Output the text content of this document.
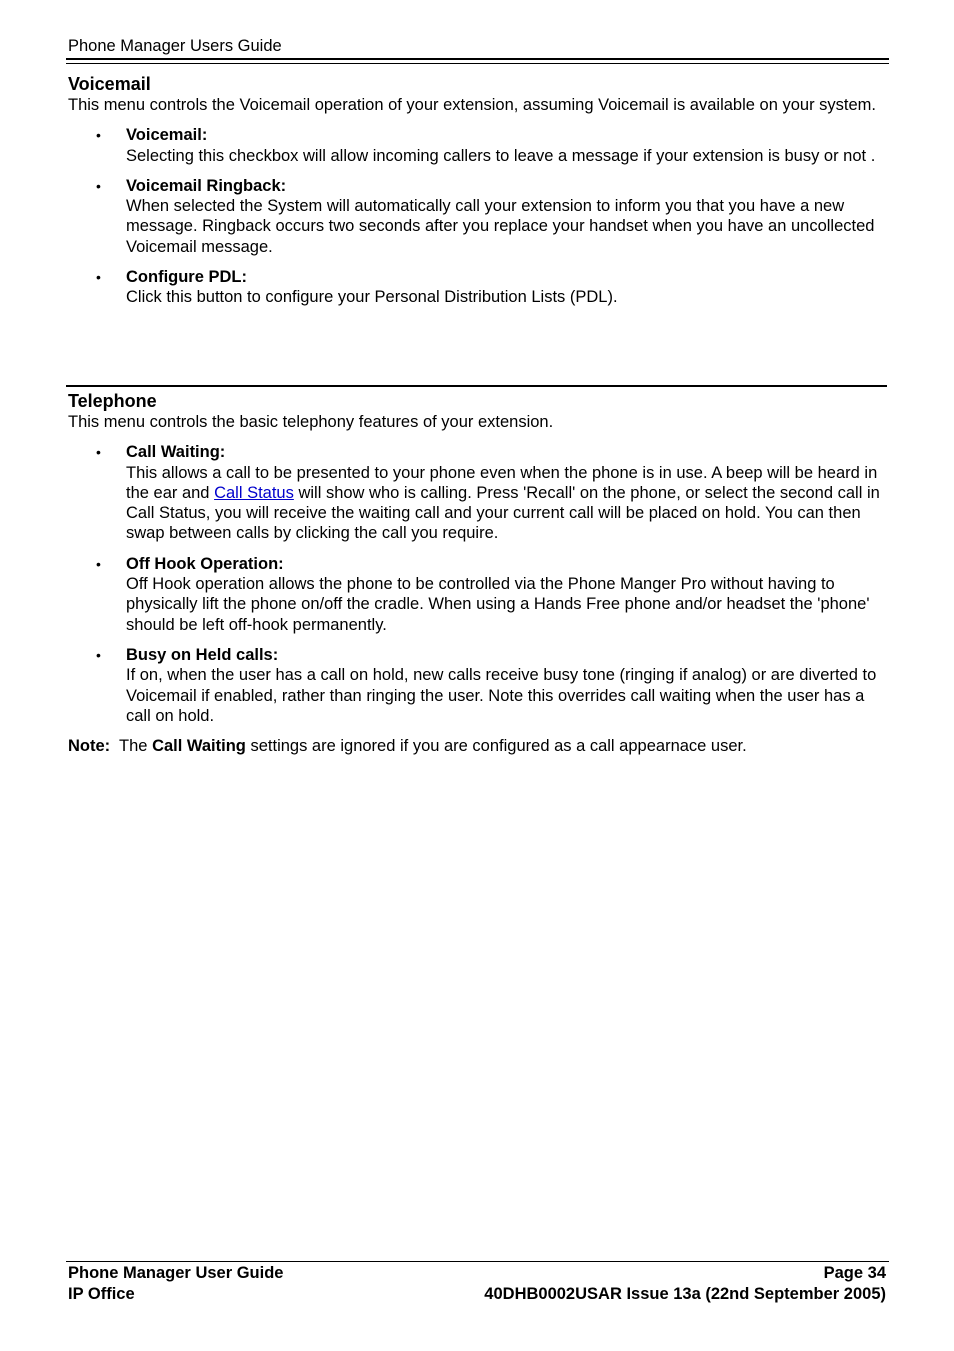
Phone Manager Users Guide
Voicemail

This menu controls the Voicemail operation of your extension, assuming Voicemail is available on your system.

• Voicemail:
Selecting this checkbox will allow incoming callers to leave a message if your extension is busy or not .
• Voicemail Ringback:
When selected the System will automatically call your extension to inform you that you have a new message. Ringback occurs two seconds after you replace your handset when you have an uncollected Voicemail message.
• Configure PDL:
Click this button to configure your Personal Distribution Lists (PDL).
Telephone

This menu controls the basic telephony features of your extension.

• Call Waiting:
This allows a call to be presented to your phone even when the phone is in use. A beep will be heard in the ear and Call Status will show who is calling. Press 'Recall' on the phone, or select the second call in Call Status, you will receive the waiting call and your current call will be placed on hold. You can then swap between calls by clicking the call you require.
• Off Hook Operation:
Off Hook operation allows the phone to be controlled via the Phone Manger Pro without having to physically lift the phone on/off the cradle. When using a Hands Free phone and/or headset the 'phone' should be left off-hook permanently.
• Busy on Held calls:
If on, when the user has a call on hold, new calls receive busy tone (ringing if analog) or are diverted to Voicemail if enabled, rather than ringing the user. Note this overrides call waiting when the user has a call on hold.
Note: The Call Waiting settings are ignored if you are configured as a call appearnace user.
Phone Manager User Guide	Page 34
IP Office	40DHB0002USAR Issue 13a (22nd September 2005)
